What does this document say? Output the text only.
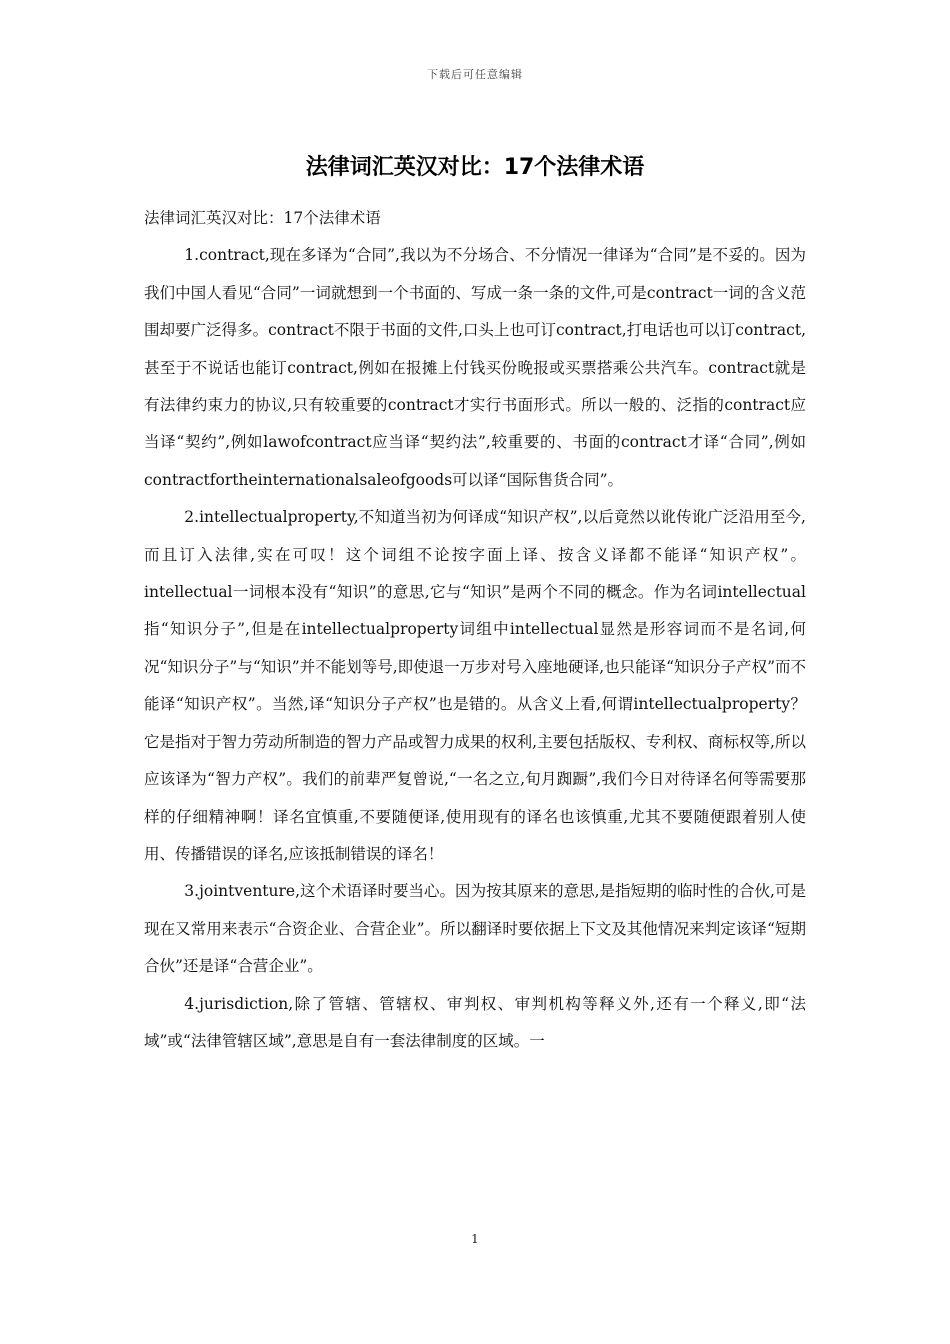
下载后可任意编辑
法律词汇英汉对比：17个法律术语

法律词汇英汉对比：17个法律术语

1.contract,现在多译为“合同”,我以为不分场合、不分情况一律译为“合同”是不妥的。因为我们中国人看见“合同”一词就想到一个书面的、写成一条一条的文件,可是contract一词的含义范围却要广泛得多。contract不限于书面的文件,口头上也可订contract,打电话也可以订contract,甚至于不说话也能订contract,例如在报摊上付钱买份晚报或买票搭乘公共汽车。contract就是有法律约束力的协议,只有较重要的contract才实行书面形式。所以一般的、泛指的contract应当译“契约”,例如lawofcontract应当译“契约法”,较重要的、书面的contract才译“合同”,例如contractfortheinternationalsaleofgoods可以译“国际售货合同”。

2.intellectualproperty,不知道当初为何译成“知识产权”,以后竟然以讹传讹广泛沿用至今,而且订入法律,实在可叹！这个词组不论按字面上译、按含义译都不能译“知识产权”。intellectual一词根本没有“知识”的意思,它与“知识”是两个不同的概念。作为名词intellectual指“知识分子”,但是在intellectualproperty词组中intellectual显然是形容词而不是名词,何况“知识分子”与“知识”并不能划等号,即使退一万步对号入座地硬译,也只能译“知识分子产权”而不能译“知识产权”。当然,译“知识分子产权”也是错的。从含义上看,何谓intellectualproperty？它是指对于智力劳动所制造的智力产品或智力成果的权利,主要包括版权、专利权、商标权等,所以应该译为“智力产权”。我们的前辈严复曾说,“一名之立,旬月踟蹰”,我们今日对待译名何等需要那样的仔细精神啊！译名宜慎重,不要随便译,使用现有的译名也该慎重,尤其不要随便跟着别人使用、传播错误的译名,应该抵制错误的译名！

3.jointventure,这个术语译时要当心。因为按其原来的意思,是指短期的临时性的合伙,可是现在又常用来表示“合资企业、合营企业”。所以翻译时要依据上下文及其他情况来判定该译“短期合伙”还是译“合营企业”。

4.jurisdiction,除了管辖、管辖权、审判权、审判机构等释义外,还有一个释义,即“法域”或“法律管辖区域”,意思是自有一套法律制度的区域。一

1
